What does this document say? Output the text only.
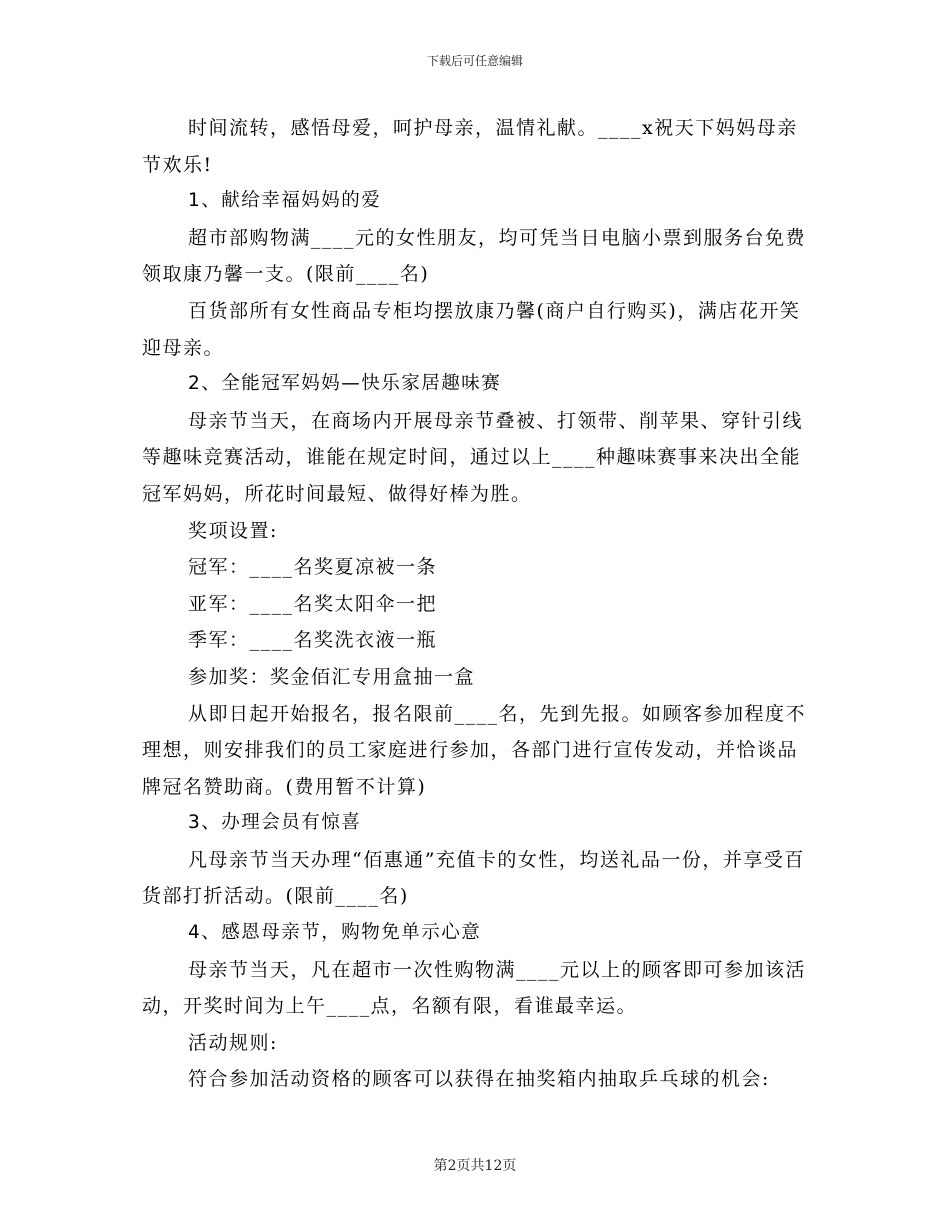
下载后可任意编辑

时间流转，感悟母爱，呵护母亲，温情礼献。____x祝天下妈妈母亲节欢乐!

1、献给幸福妈妈的爱

超市部购物满____元的女性朋友，均可凭当日电脑小票到服务台免费领取康乃馨一支。(限前____名)

百货部所有女性商品专柜均摆放康乃馨(商户自行购买)，满店花开笑迎母亲。

2、全能冠军妈妈—快乐家居趣味赛

母亲节当天，在商场内开展母亲节叠被、打领带、削苹果、穿针引线等趣味竞赛活动，谁能在规定时间，通过以上____种趣味赛事来决出全能冠军妈妈，所花时间最短、做得好棒为胜。

奖项设置:

冠军：____名奖夏凉被一条

亚军：____名奖太阳伞一把

季军：____名奖洗衣液一瓶

参加奖：奖金佰汇专用盒抽一盒

从即日起开始报名，报名限前____名，先到先报。如顾客参加程度不理想，则安排我们的员工家庭进行参加，各部门进行宣传发动，并恰谈品牌冠名赞助商。(费用暂不计算)

3、办理会员有惊喜

凡母亲节当天办理“佰惠通”充值卡的女性，均送礼品一份，并享受百货部打折活动。(限前____名)

4、感恩母亲节，购物免单示心意

母亲节当天，凡在超市一次性购物满____元以上的顾客即可参加该活动，开奖时间为上午____点，名额有限，看谁最幸运。

活动规则:

符合参加活动资格的顾客可以获得在抽奖箱内抽取乒乓球的机会:

第2页共12页
